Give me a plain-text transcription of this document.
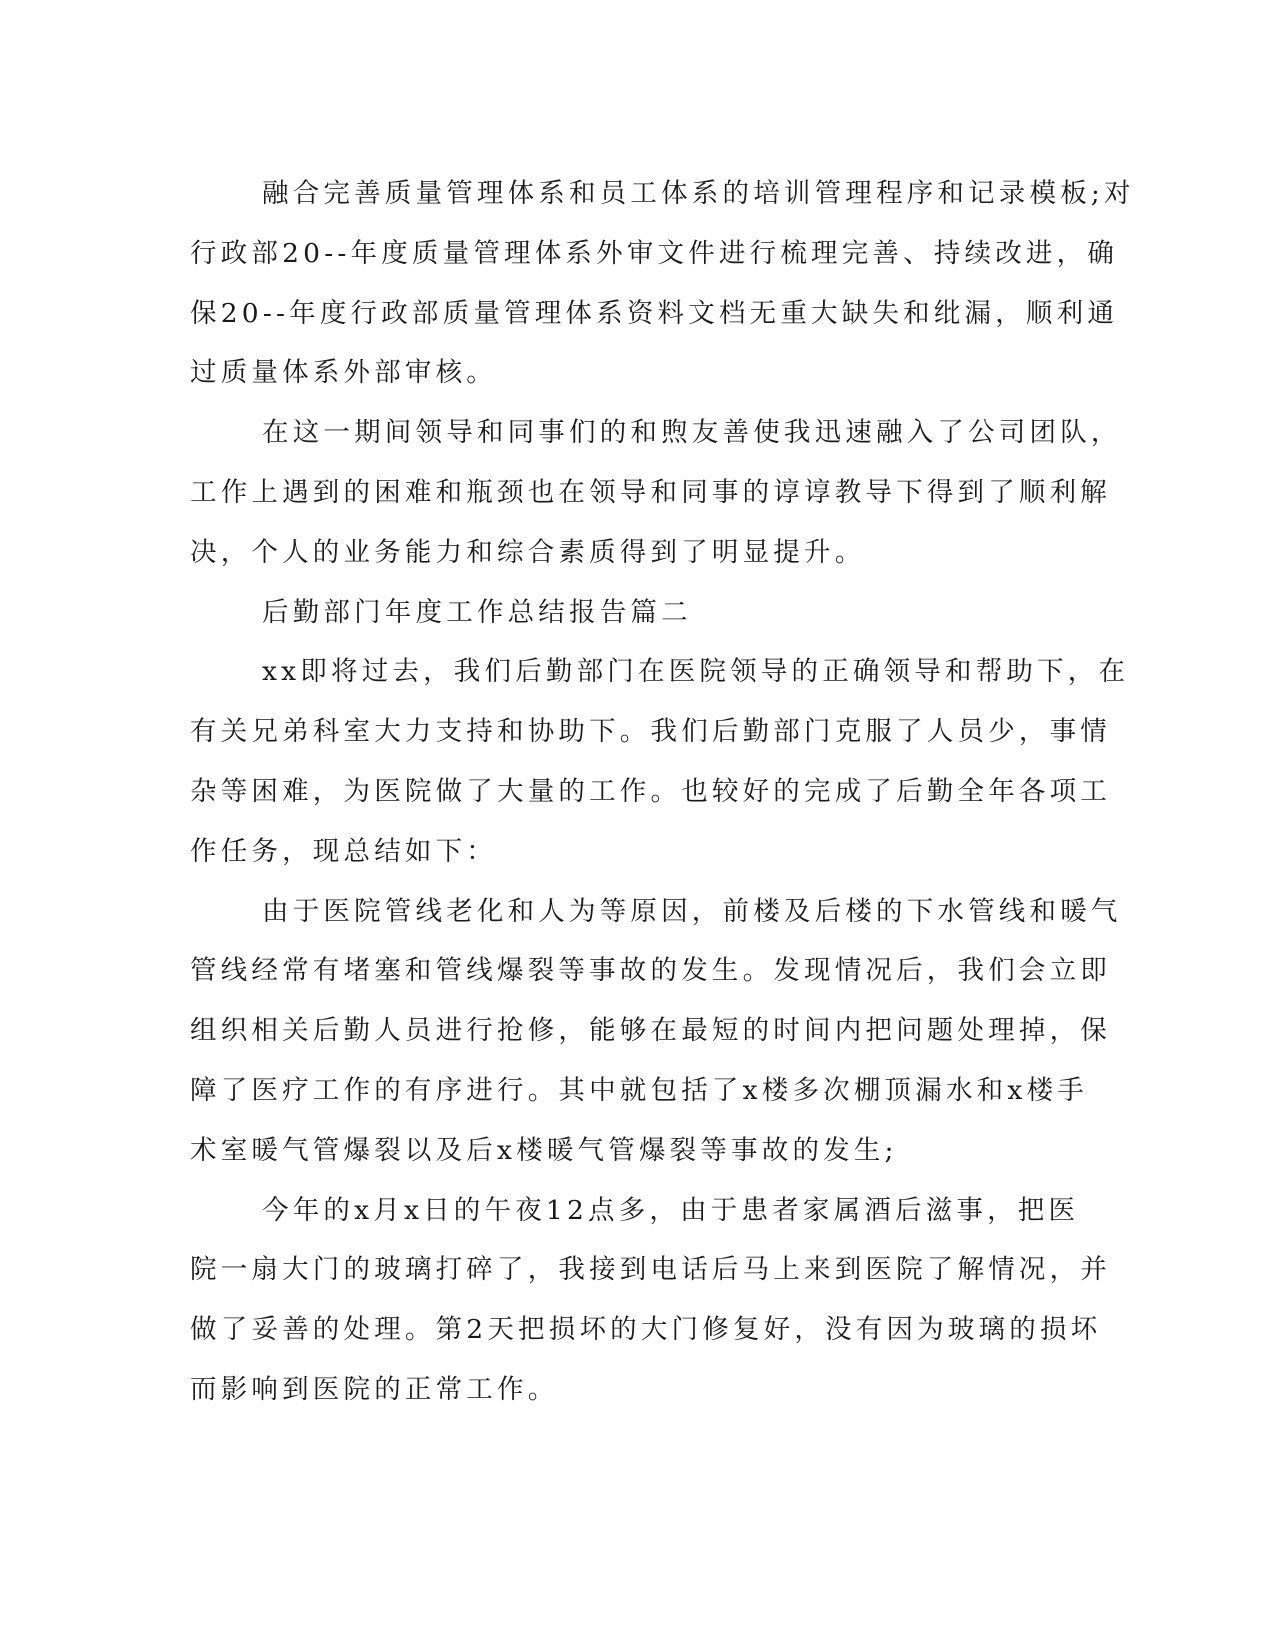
融合完善质量管理体系和员工体系的培训管理程序和记录模板;对
行政部20--年度质量管理体系外审文件进行梳理完善、持续改进，确
保20--年度行政部质量管理体系资料文档无重大缺失和纰漏，顺利通
过质量体系外部审核。
在这一期间领导和同事们的和煦友善使我迅速融入了公司团队，
工作上遇到的困难和瓶颈也在领导和同事的谆谆教导下得到了顺利解
决，个人的业务能力和综合素质得到了明显提升。
后勤部门年度工作总结报告篇二
xx即将过去，我们后勤部门在医院领导的正确领导和帮助下，在
有关兄弟科室大力支持和协助下。我们后勤部门克服了人员少，事情
杂等困难，为医院做了大量的工作。也较好的完成了后勤全年各项工
作任务，现总结如下：
由于医院管线老化和人为等原因，前楼及后楼的下水管线和暖气
管线经常有堵塞和管线爆裂等事故的发生。发现情况后，我们会立即
组织相关后勤人员进行抢修，能够在最短的时间内把问题处理掉，保
障了医疗工作的有序进行。其中就包括了x楼多次棚顶漏水和x楼手
术室暖气管爆裂以及后x楼暖气管爆裂等事故的发生;
今年的x月x日的午夜12点多，由于患者家属酒后滋事，把医
院一扇大门的玻璃打碎了，我接到电话后马上来到医院了解情况，并
做了妥善的处理。第2天把损坏的大门修复好，没有因为玻璃的损坏
而影响到医院的正常工作。
